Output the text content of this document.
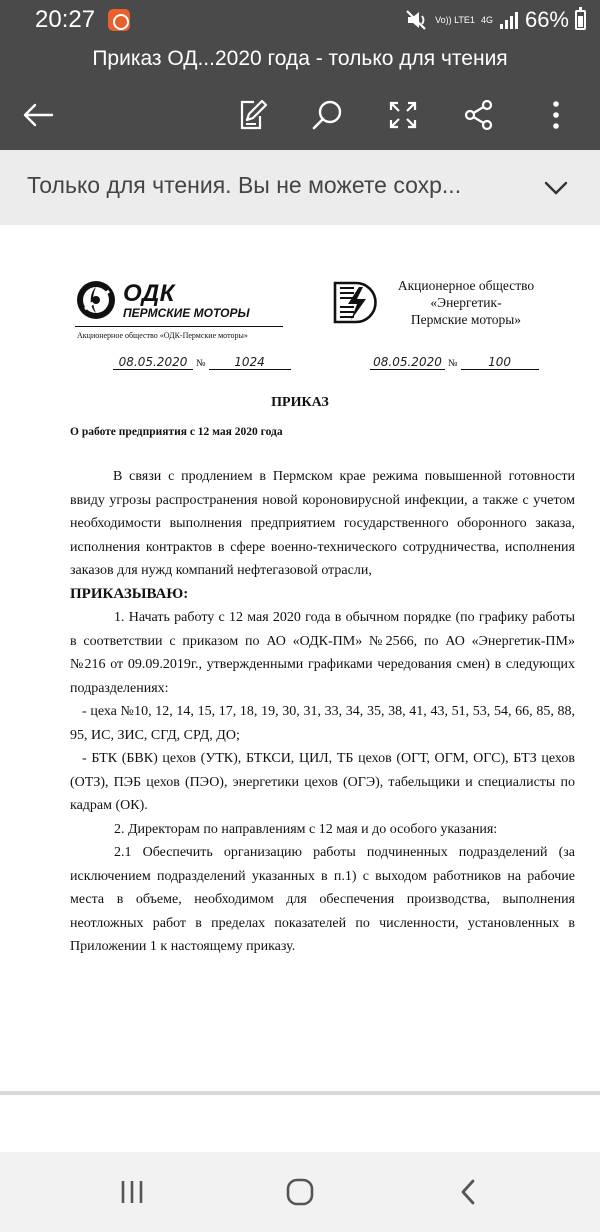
20:27	Vo)) LTE1 4G 66%
Приказ ОД...2020 года - только для чтения
Только для чтения. Вы не можете сохр...
ОДК
ПЕРМСКИЕ МОТОРЫ
Акционерное общество «ОДК-Пермские моторы»
Акционерное общество
«Энергетик-
Пермские моторы»
08.05.2020 № 1024	08.05.2020 №	100
ПРИКАЗ
О работе предприятия с 12 мая 2020 года

В связи с продлением в Пермском крае режима повышенной готовности ввиду угрозы распространения новой короновирусной инфекции, а также с учетом необходимости выполнения предприятием государственного оборонного заказа, исполнения контрактов в сфере военно-технического сотрудничества, исполнения заказов для нужд компаний нефтегазовой отрасли,

ПРИКАЗЫВАЮ:

1. Начать работу с 12 мая 2020 года в обычном порядке (по графику работы в соответствии с приказом по АО «ОДК-ПМ» №2566, по АО «Энергетик-ПМ» №216 от 09.09.2019г., утвержденными графиками чередования смен) в следующих подразделениях:

- цеха №10, 12, 14, 15, 17, 18, 19, 30, 31, 33, 34, 35, 38, 41, 43, 51, 53, 54, 66, 85, 88, 95, ИС, ЗИС, СГД, СРД, ДО;

- БТК (БВК) цехов (УТК), БТКСИ, ЦИЛ, ТБ цехов (ОГТ, ОГМ, ОГС), БТЗ цехов (ОТЗ), ПЭБ цехов (ПЭО), энергетики цехов (ОГЭ), табельщики и специалисты по кадрам (ОК).

2. Директорам по направлениям с 12 мая и до особого указания:

2.1 Обеспечить организацию работы подчиненных подразделений (за исключением подразделений указанных в п.1) с выходом работников на рабочие места в объеме, необходимом для обеспечения производства, выполнения неотложных работ в пределах показателей по численности, установленных в Приложении 1 к настоящему приказу.
